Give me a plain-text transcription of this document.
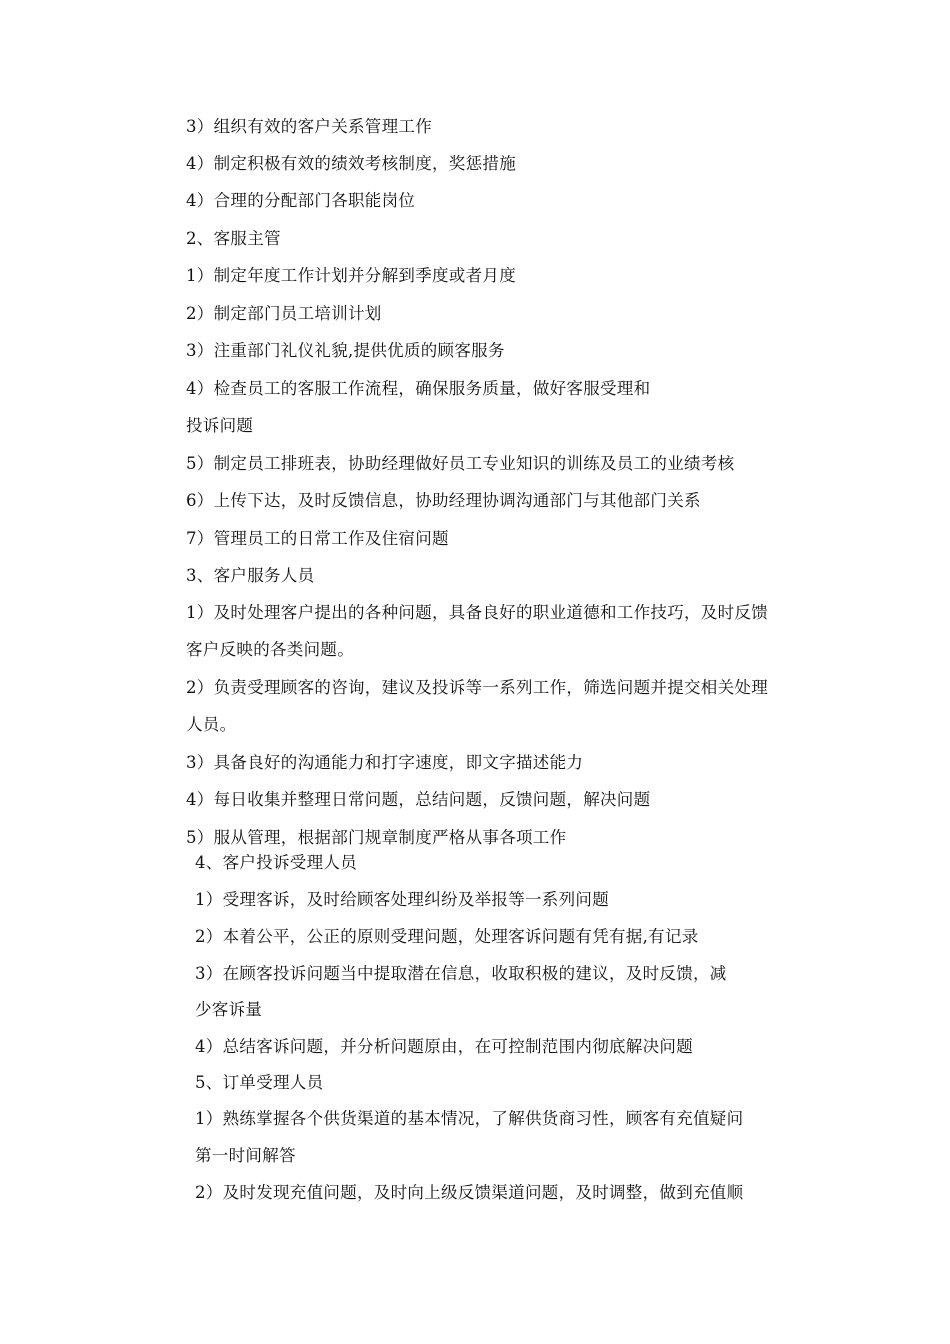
3）组织有效的客户关系管理工作
4）制定积极有效的绩效考核制度，奖惩措施
4）合理的分配部门各职能岗位
2、客服主管
1）制定年度工作计划并分解到季度或者月度
2）制定部门员工培训计划
3）注重部门礼仪礼貌,提供优质的顾客服务
4）检查员工的客服工作流程，确保服务质量，做好客服受理和
投诉问题
5）制定员工排班表，协助经理做好员工专业知识的训练及员工的业绩考核
6）上传下达，及时反馈信息，协助经理协调沟通部门与其他部门关系
7）管理员工的日常工作及住宿问题
3、客户服务人员
1）及时处理客户提出的各种问题，具备良好的职业道德和工作技巧，及时反馈
客户反映的各类问题。
2）负责受理顾客的咨询，建议及投诉等一系列工作，筛选问题并提交相关处理
人员。
3）具备良好的沟通能力和打字速度，即文字描述能力
4）每日收集并整理日常问题，总结问题，反馈问题，解决问题
5）服从管理，根据部门规章制度严格从事各项工作
4、客户投诉受理人员
1）受理客诉，及时给顾客处理纠纷及举报等一系列问题
2）本着公平，公正的原则受理问题，处理客诉问题有凭有据,有记录
3）在顾客投诉问题当中提取潜在信息，收取积极的建议，及时反馈，减
少客诉量
4）总结客诉问题，并分析问题原由，在可控制范围内彻底解决问题
5、订单受理人员
1）熟练掌握各个供货渠道的基本情况，了解供货商习性，顾客有充值疑问
第一时间解答
2）及时发现充值问题，及时向上级反馈渠道问题，及时调整，做到充值顺
